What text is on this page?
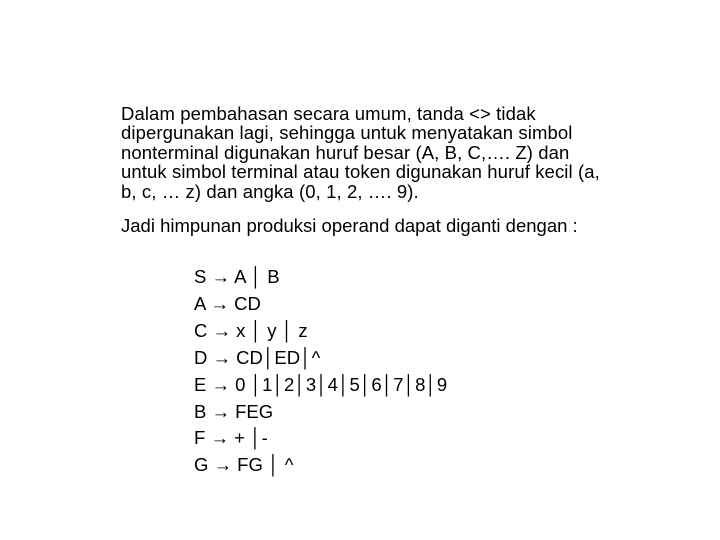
Dalam pembahasan secara umum, tanda <> tidak
dipergunakan lagi, sehingga untuk menyatakan simbol
nonterminal digunakan huruf besar (A, B, C,…. Z) dan
untuk simbol terminal atau token digunakan huruf kecil (a,
b, c, … z) dan angka (0, 1, 2, …. 9).

Jadi himpunan produksi operand dapat diganti dengan :

S → A │ B
A → CD
C → x │ y │ z
D → CD│ED│^
E → 0 │1│2│3│4│5│6│7│8│9
B → FEG
F → + │-
G → FG │ ^
